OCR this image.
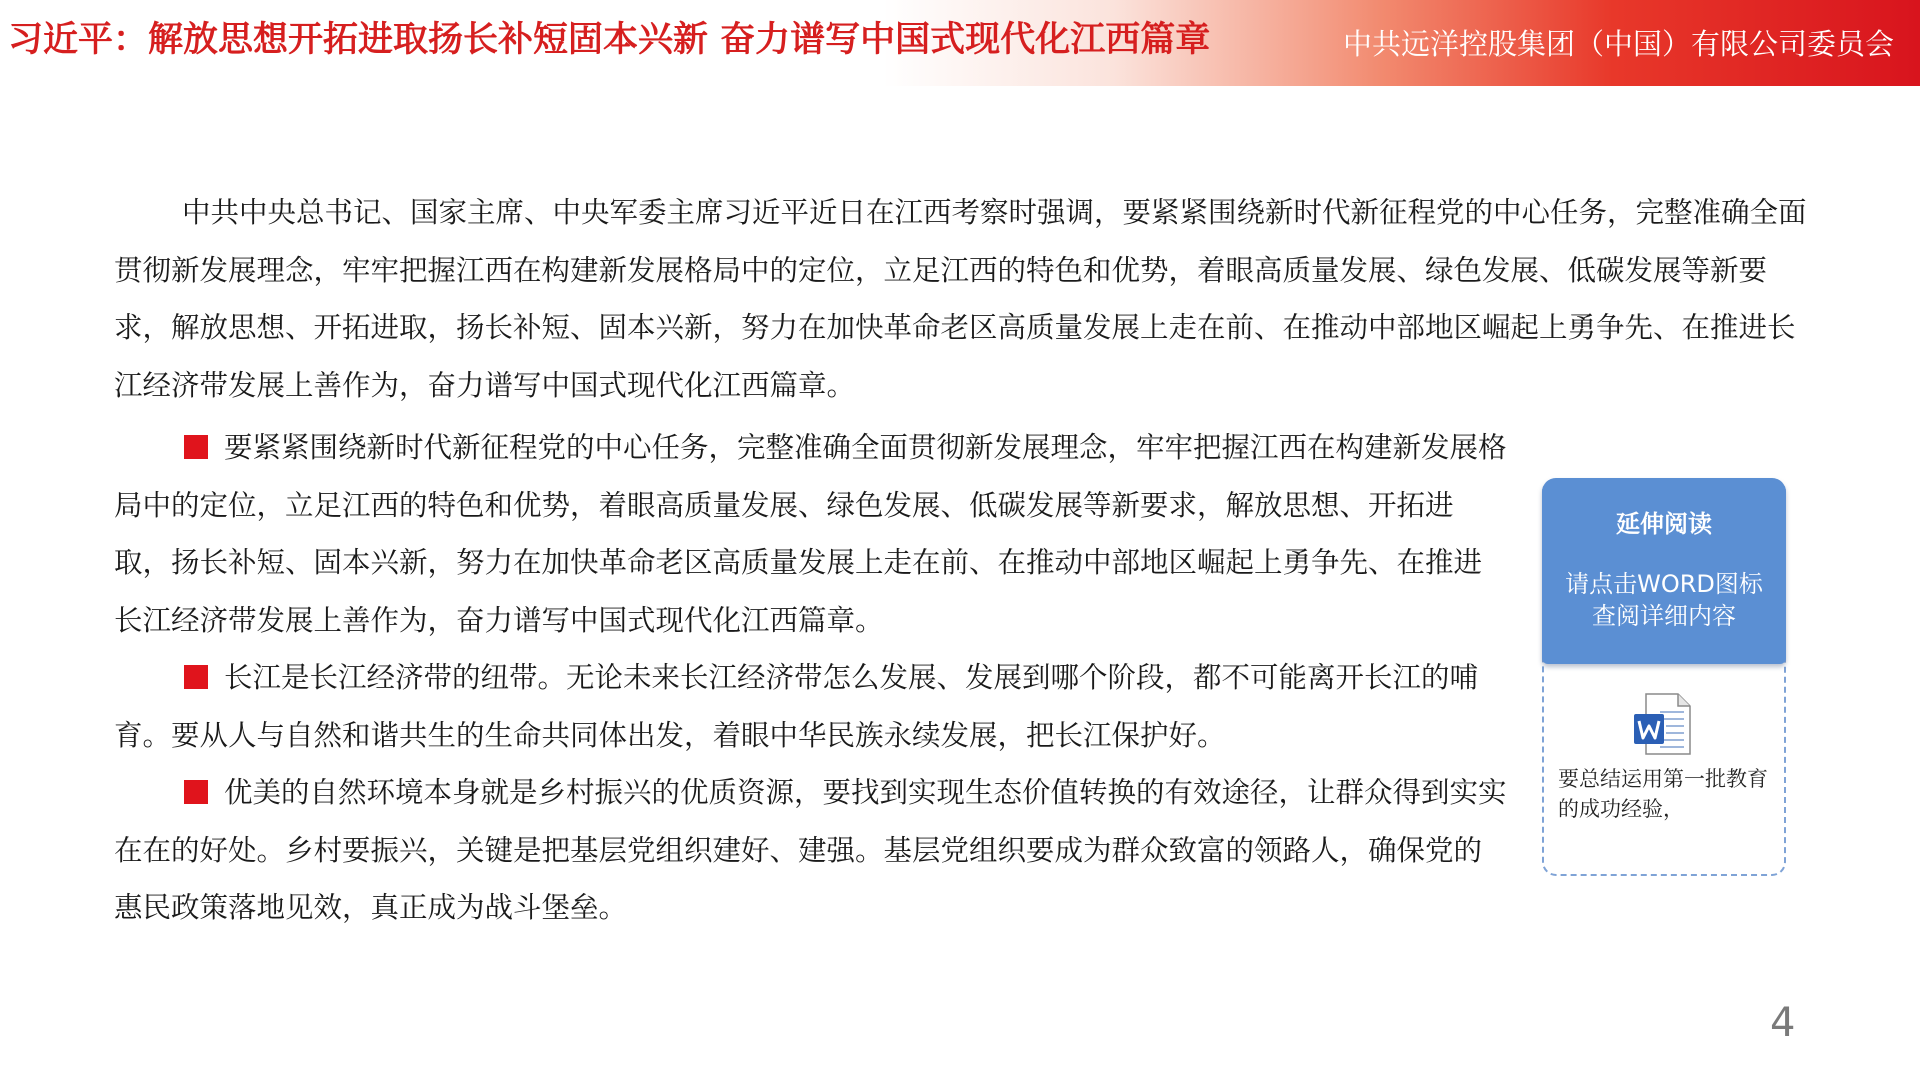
习近平：解放思想开拓进取扬长补短固本兴新 奋力谱写中国式现代化江西篇章	中共远洋控股集团（中国）有限公司委员会

中共中央总书记、国家主席、中央军委主席习近平近日在江西考察时强调，要紧紧围绕新时代新征程党的中心任务，完整准确全面贯彻新发展理念，牢牢把握江西在构建新发展格局中的定位，立足江西的特色和优势，着眼高质量发展、绿色发展、低碳发展等新要求，解放思想、开拓进取，扬长补短、固本兴新，努力在加快革命老区高质量发展上走在前、在推动中部地区崛起上勇争先、在推进长江经济带发展上善作为，奋力谱写中国式现代化江西篇章。

要紧紧围绕新时代新征程党的中心任务，完整准确全面贯彻新发展理念，牢牢把握江西在构建新发展格局中的定位，立足江西的特色和优势，着眼高质量发展、绿色发展、低碳发展等新要求，解放思想、开拓进取，扬长补短、固本兴新，努力在加快革命老区高质量发展上走在前、在推动中部地区崛起上勇争先、在推进长江经济带发展上善作为，奋力谱写中国式现代化江西篇章。

长江是长江经济带的纽带。无论未来长江经济带怎么发展、发展到哪个阶段，都不可能离开长江的哺育。要从人与自然和谐共生的生命共同体出发，着眼中华民族永续发展，把长江保护好。

优美的自然环境本身就是乡村振兴的优质资源，要找到实现生态价值转换的有效途径，让群众得到实实在在的好处。乡村要振兴，关键是把基层党组织建好、建强。基层党组织要成为群众致富的领路人，确保党的惠民政策落地见效，真正成为战斗堡垒。

延伸阅读
请点击WORD图标查阅详细内容
要总结运用第一批教育的成功经验，
4
